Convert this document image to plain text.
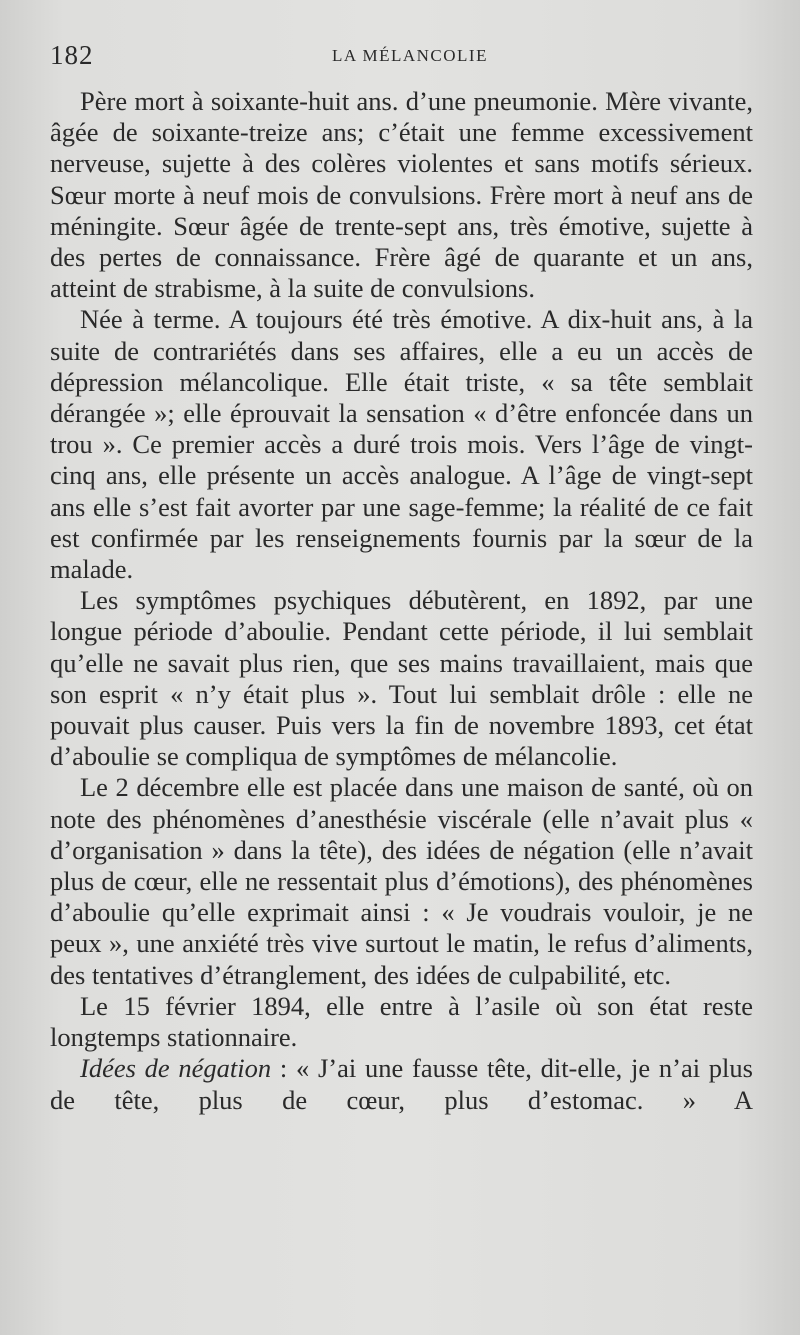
182	LA MÉLANCOLIE

Père mort à soixante-huit ans. d’une pneumonie. Mère vivante, âgée de soixante-treize ans; c’était une femme excessivement nerveuse, sujette à des colères violentes et sans motifs sérieux. Sœur morte à neuf mois de convulsions. Frère mort à neuf ans de méningite. Sœur âgée de trente-sept ans, très émotive, sujette à des pertes de connaissance. Frère âgé de quarante et un ans, atteint de strabisme, à la suite de convulsions.

Née à terme. A toujours été très émotive. A dix-huit ans, à la suite de contrariétés dans ses affaires, elle a eu un accès de dépression mélancolique. Elle était triste, « sa tête semblait dérangée »; elle éprouvait la sensation « d’être enfoncée dans un trou ». Ce premier accès a duré trois mois. Vers l’âge de vingt-cinq ans, elle présente un accès analogue. A l’âge de vingt-sept ans elle s’est fait avorter par une sage-femme; la réalité de ce fait est confirmée par les renseignements fournis par la sœur de la malade.

Les symptômes psychiques débutèrent, en 1892, par une longue période d’aboulie. Pendant cette période, il lui semblait qu’elle ne savait plus rien, que ses mains travaillaient, mais que son esprit « n’y était plus ». Tout lui semblait drôle : elle ne pouvait plus causer. Puis vers la fin de novembre 1893, cet état d’aboulie se compliqua de symptômes de mélancolie.

Le 2 décembre elle est placée dans une maison de santé, où on note des phénomènes d’anesthésie viscérale (elle n’avait plus « d’organisation » dans la tête), des idées de négation (elle n’avait plus de cœur, elle ne ressentait plus d’émotions), des phénomènes d’aboulie qu’elle exprimait ainsi : « Je voudrais vouloir, je ne peux », une anxiété très vive surtout le matin, le refus d’aliments, des tentatives d’étranglement, des idées de culpabilité, etc.

Le 15 février 1894, elle entre à l’asile où son état reste longtemps stationnaire.

Idées de négation : « J’ai une fausse tête, dit-elle, je n’ai plus de tête, plus de cœur, plus d’estomac. » A
